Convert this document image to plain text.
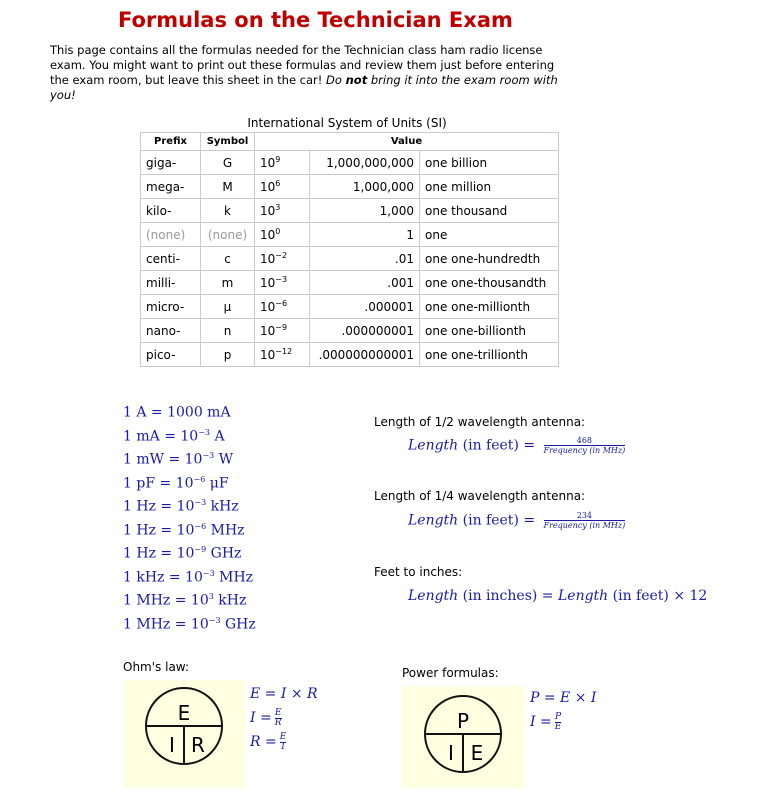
Formulas on the Technician Exam
This page contains all the formulas needed for the Technician class ham radio license exam. You might want to print out these formulas and review them just before entering the exam room, but leave this sheet in the car! Do not bring it into the exam room with you!
International System of Units (SI)
Prefix	Symbol	Value		
giga-	G	$10^9$	1,000,000,000	one billion
mega-	M	$10^6$	1,000,000	one million
kilo-	k	$10^3$	1,000	one thousand
(none)	(none)	$10^0$	1	one
centi-	c	$10^{-2}$	.01	one one-hundredth
milli-	m	$10^{-3}$	.001	one one-thousandth
micro-	μ	$10^{-6}$	.000001	one one-millionth
nano-	n	$10^{-9}$	.000000001	one one-billionth
pico-	p	$10^{-12}$	.000000000001	one one-trillionth
1 A = 1000 mA
1 mA = $10^{-3}$ A
1 mW = $10^{-3}$ W
1 pF = $10^{-6}$ μF
1 $Hz = 10^{-3}$ kHz
1 $Hz = 10^{-6}$ MHz
1 $Hz = 10^{-9}$ GHz
1 kHz = $10^{-3}$ MHz
1 MHz = $10^3$ kHz
1 MHz = $10^{-3}$ GHz
Length of 1/2 wavelength antenna:
Length (in feet) = $\frac{468}{\text{Frequency (in MHz)}}$
Length of 1/4 wavelength antenna:
Length (in feet) = $\frac{234}{\text{Frequency (in MHz)}}$
Feet to inches:
Length (in inches) = Length (in feet) × 12
Ohm's law:
E
I R
E = I × R
$I = \frac{E}{R}$
$R = \frac{E}{I}$
Power formulas:
P
I E
P = E × I
$I = \frac{P}{E}$
